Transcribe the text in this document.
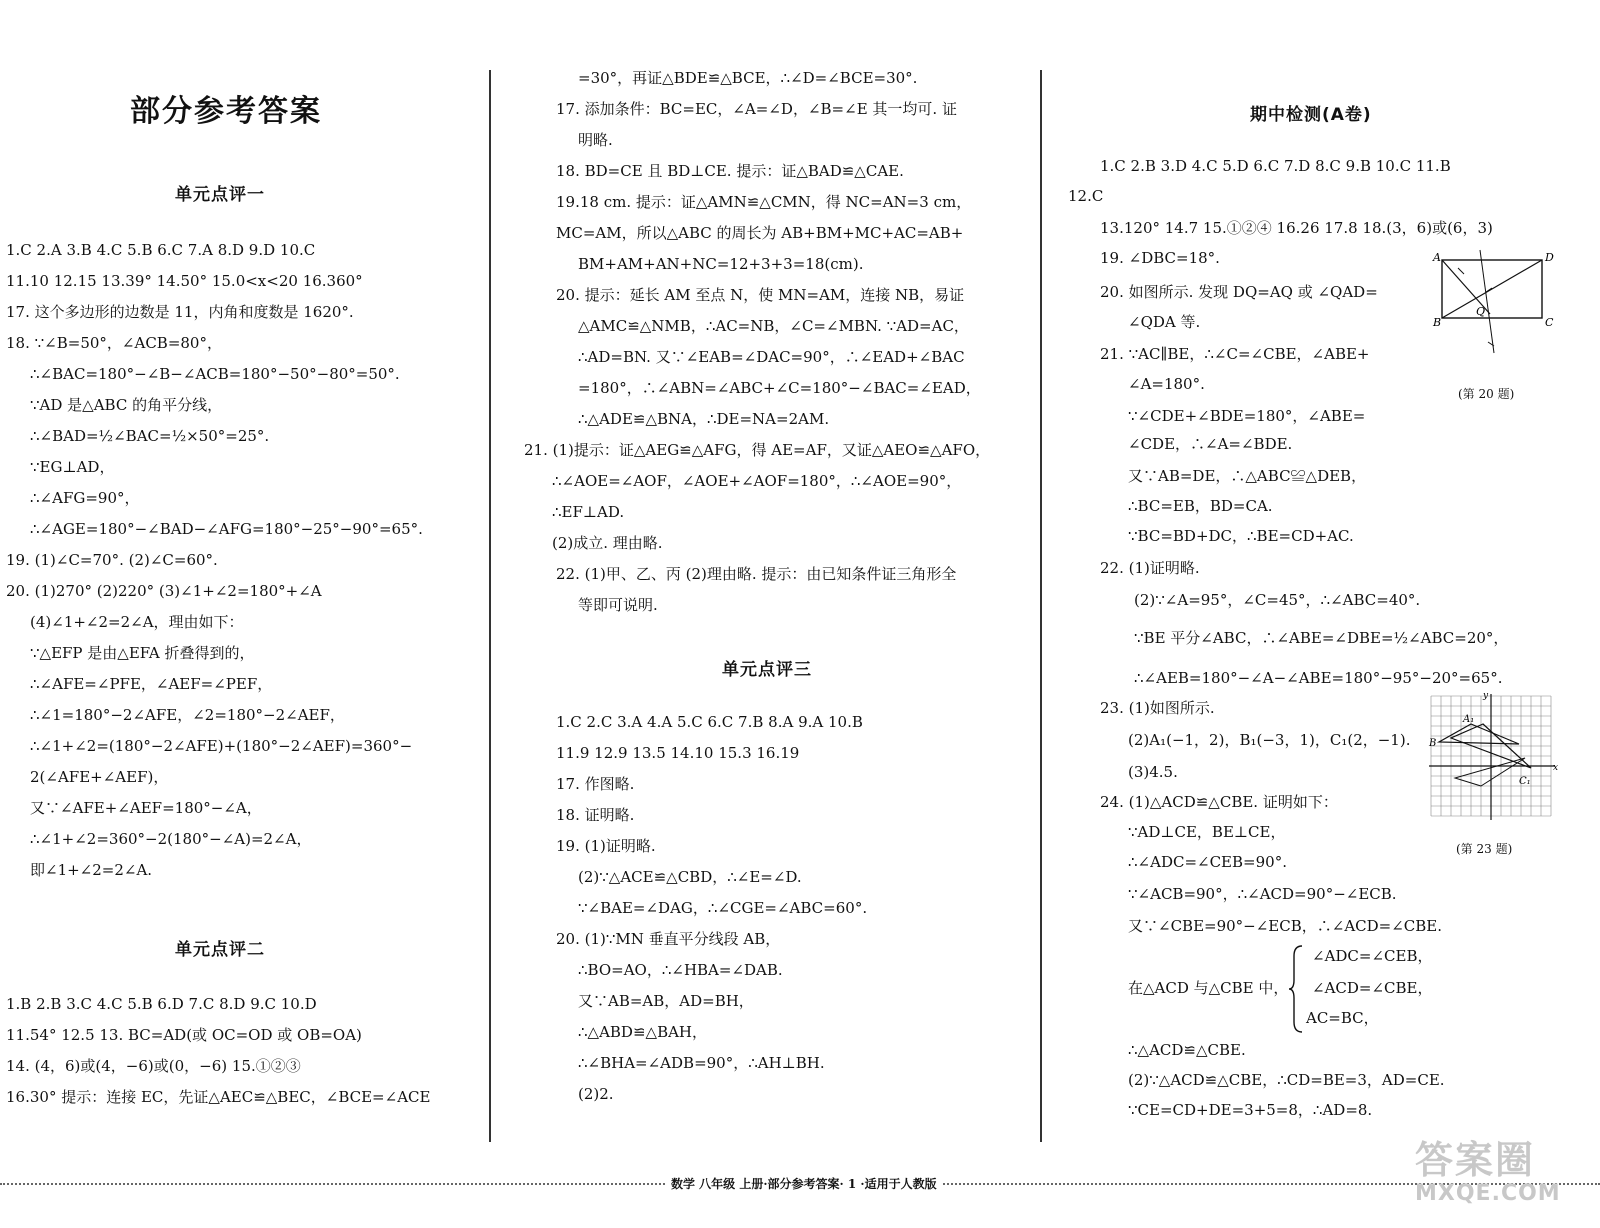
部分参考答案
单元点评一
1.C 2.A 3.B 4.C 5.B 6.C 7.A 8.D 9.D 10.C
11.10 12.15 13.39° 14.50° 15.0<x<20 16.360°
17. 这个多边形的边数是 11，内角和度数是 1620°.
18. ∵∠B=50°，∠ACB=80°，
∴∠BAC=180°−∠B−∠ACB=180°−50°−80°=50°.
∵AD 是△ABC 的角平分线，
∴∠BAD=½∠BAC=½×50°=25°.
∵EG⊥AD，
∴∠AFG=90°，
∴∠AGE=180°−∠BAD−∠AFG=180°−25°−90°=65°.
19. (1)∠C=70°. (2)∠C=60°.
20. (1)270° (2)220° (3)∠1+∠2=180°+∠A
(4)∠1+∠2=2∠A，理由如下：
∵△EFP 是由△EFA 折叠得到的，
∴∠AFE=∠PFE，∠AEF=∠PEF，
∴∠1=180°−2∠AFE，∠2=180°−2∠AEF，
∴∠1+∠2=(180°−2∠AFE)+(180°−2∠AEF)=360°−
2(∠AFE+∠AEF)，
又∵∠AFE+∠AEF=180°−∠A，
∴∠1+∠2=360°−2(180°−∠A)=2∠A，
即∠1+∠2=2∠A.
单元点评二
1.B 2.B 3.C 4.C 5.B 6.D 7.C 8.D 9.C 10.D
11.54° 12.5 13. BC=AD(或 OC=OD 或 OB=OA)
14. (4，6)或(4，−6)或(0，−6) 15.①②③
16.30° 提示：连接 EC，先证△AEC≌△BEC，∠BCE=∠ACE
=30°，再证△BDE≌△BCE，∴∠D=∠BCE=30°.
17. 添加条件：BC=EC，∠A=∠D，∠B=∠E 其一均可. 证
明略.
18. BD=CE 且 BD⊥CE. 提示：证△BAD≌△CAE.
19.18 cm. 提示：证△AMN≌△CMN，得 NC=AN=3 cm，
MC=AM，所以△ABC 的周长为 AB+BM+MC+AC=AB+
BM+AM+AN+NC=12+3+3=18(cm).
20. 提示：延长 AM 至点 N，使 MN=AM，连接 NB，易证
△AMC≌△NMB，∴AC=NB，∠C=∠MBN. ∵AD=AC，
∴AD=BN. 又∵∠EAB=∠DAC=90°，∴∠EAD+∠BAC
=180°，∴∠ABN=∠ABC+∠C=180°−∠BAC=∠EAD，
∴△ADE≌△BNA，∴DE=NA=2AM.
21. (1)提示：证△AEG≌△AFG，得 AE=AF，又证△AEO≌△AFO，
∴∠AOE=∠AOF，∠AOE+∠AOF=180°，∴∠AOE=90°，
∴EF⊥AD.
(2)成立. 理由略.
22. (1)甲、乙、丙 (2)理由略. 提示：由已知条件证三角形全
等即可说明.
单元点评三
1.C 2.C 3.A 4.A 5.C 6.C 7.B 8.A 9.A 10.B
11.9 12.9 13.5 14.10 15.3 16.19
17. 作图略.
18. 证明略.
19. (1)证明略.
(2)∵△ACE≌△CBD，∴∠E=∠D.
∵∠BAE=∠DAG，∴∠CGE=∠ABC=60°.
20. (1)∵MN 垂直平分线段 AB，
∴BO=AO，∴∠HBA=∠DAB.
又∵AB=AB，AD=BH，
∴△ABD≌△BAH，
∴∠BHA=∠ADB=90°，∴AH⊥BH.
(2)2.
期中检测(A卷)
1.C 2.B 3.D 4.C 5.D 6.C 7.D 8.C 9.B 10.C 11.B
12.C
13.120° 14.7 15.①②④ 16.26 17.8 18.(3，6)或(6，3)
19. ∠DBC=18°.
20. 如图所示. 发现 DQ=AQ 或 ∠QAD=
∠QDA 等.
21. ∵AC∥BE，∴∠C=∠CBE，∠ABE+
∠A=180°.
∵∠CDE+∠BDE=180°，∠ABE=
∠CDE，∴∠A=∠BDE.
又∵AB=DE，∴△ABC≌△DEB，
∴BC=EB，BD=CA.
∵BC=BD+DC，∴BE=CD+AC.
22. (1)证明略.
(2)∵∠A=95°，∠C=45°，∴∠ABC=40°.
∵BE 平分∠ABC，∴∠ABE=∠DBE=½∠ABC=20°，
∴∠AEB=180°−∠A−∠ABE=180°−95°−20°=65°.
23. (1)如图所示.
(2)A₁(−1，2)，B₁(−3，1)，C₁(2，−1).
(3)4.5.
24. (1)△ACD≌△CBE. 证明如下：
∵AD⊥CE，BE⊥CE，
∴∠ADC=∠CEB=90°.
∵∠ACB=90°，∴∠ACD=90°−∠ECB.
又∵∠CBE=90°−∠ECB，∴∠ACD=∠CBE.
∠ADC=∠CEB，
在△ACD 与△CBE 中， ∠ACD=∠CBE，
AC=BC，
∴△ACD≌△CBE.
(2)∵△ACD≌△CBE，∴CD=BE=3，AD=CE.
∵CE=CD+DE=3+5=8，∴AD=8.
A	D
B	C
Q
(第 20 题)
A₁
B
C₁
x
y
(第 23 题)
数学 八年级 上册·部分参考答案· 1 ·适用于人教版
答案圈
MXQE.COM
